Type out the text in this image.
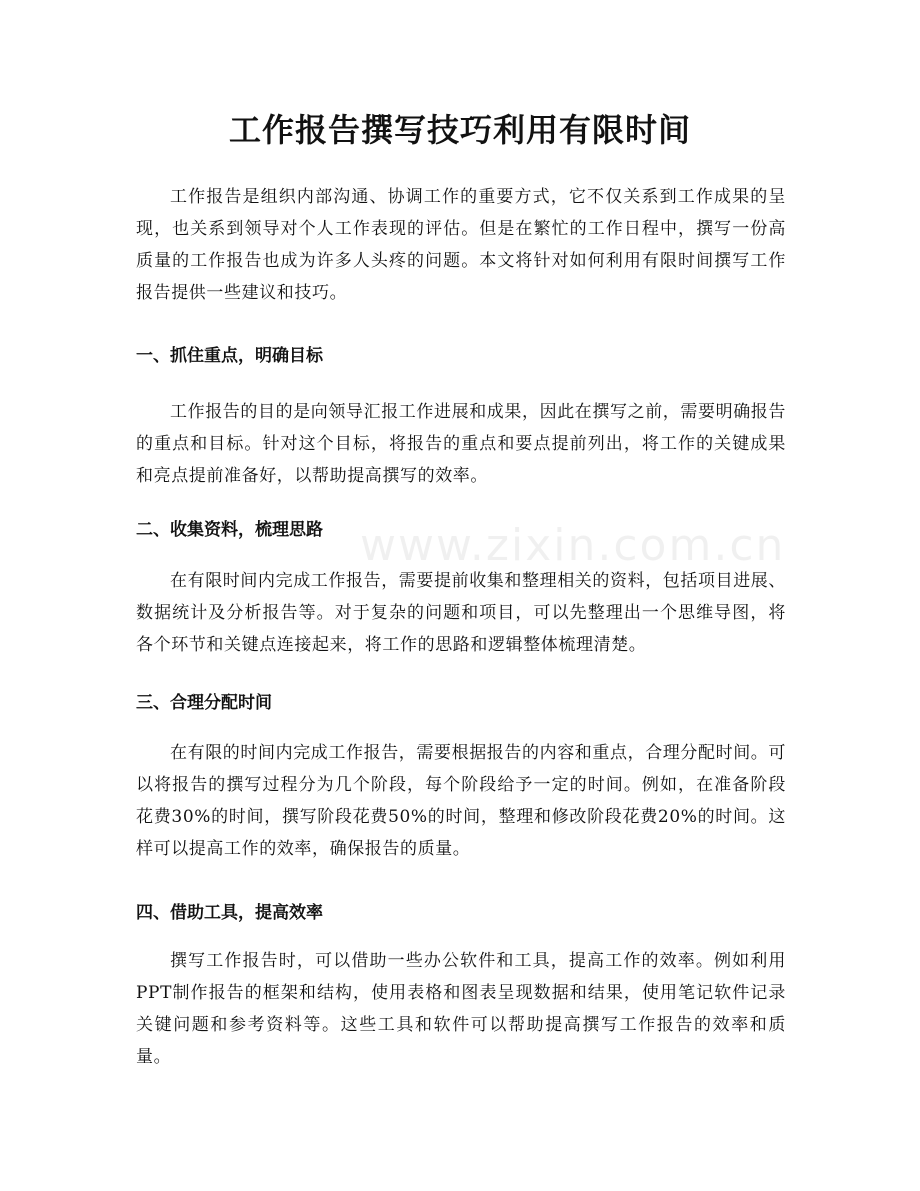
www.zixin.com.cn
工作报告撰写技巧利用有限时间

工作报告是组织内部沟通、协调工作的重要方式，它不仅关系到工作成果的呈现，也关系到领导对个人工作表现的评估。但是在繁忙的工作日程中，撰写一份高质量的工作报告也成为许多人头疼的问题。本文将针对如何利用有限时间撰写工作报告提供一些建议和技巧。

一、抓住重点，明确目标

工作报告的目的是向领导汇报工作进展和成果，因此在撰写之前，需要明确报告的重点和目标。针对这个目标，将报告的重点和要点提前列出，将工作的关键成果和亮点提前准备好，以帮助提高撰写的效率。

二、收集资料，梳理思路

在有限时间内完成工作报告，需要提前收集和整理相关的资料，包括项目进展、数据统计及分析报告等。对于复杂的问题和项目，可以先整理出一个思维导图，将各个环节和关键点连接起来，将工作的思路和逻辑整体梳理清楚。

三、合理分配时间

在有限的时间内完成工作报告，需要根据报告的内容和重点，合理分配时间。可以将报告的撰写过程分为几个阶段，每个阶段给予一定的时间。例如，在准备阶段花费30%的时间，撰写阶段花费50%的时间，整理和修改阶段花费20%的时间。这样可以提高工作的效率，确保报告的质量。

四、借助工具，提高效率

撰写工作报告时，可以借助一些办公软件和工具，提高工作的效率。例如利用PPT制作报告的框架和结构，使用表格和图表呈现数据和结果，使用笔记软件记录关键问题和参考资料等。这些工具和软件可以帮助提高撰写工作报告的效率和质量。
